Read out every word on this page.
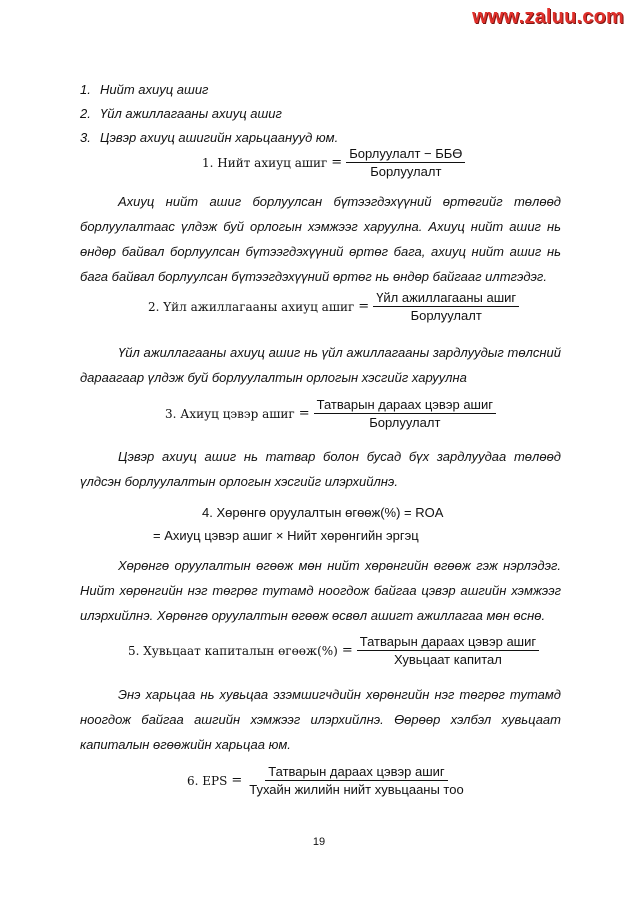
www.zaluu.com
1. Нийт ахиуц ашиг
2. Үйл ажиллагааны ахиуц ашиг
3. Цэвэр ахиуц ашигийн харьцаанууд юм.
1. Нийт ахиуц ашиг = $\frac{\text{Борлуулалт − ББӨ}}{\text{Борлуулалт}}$

Ахиуц нийт ашиг борлуулсан бүтээгдэхүүний өртөгийг төлөөд борлуулалтаас үлдэж буй орлогын хэмжээг харуулна. Ахиуц нийт ашиг нь өндөр байвал борлуулсан бүтээгдэхүүний өртөг бага, ахиуц нийт ашиг нь бага байвал борлуулсан бүтээгдэхүүний өртөг нь өндөр байгааг илтгэдэг.

2. Үйл ажиллагааны ахиуц ашиг = $\frac{\text{Үйл ажиллагааны ашиг}}{\text{Борлуулалт}}$

Үйл ажиллагааны ахиуц ашиг нь үйл ажиллагааны зардлуудыг төлсний дараагаар үлдэж буй борлуулалтын орлогын хэсгийг харуулна

3. Ахиуц цэвэр ашиг = $\frac{\text{Татварын дараах цэвэр ашиг}}{\text{Борлуулалт}}$

Цэвэр ахиуц ашиг нь татвар болон бусад бүх зардлуудаа төлөөд үлдсэн борлуулалтын орлогын хэсгийг илэрхийлнэ.

4. Хөрөнгө оруулалтын өгөөж(%) = ROA
= Ахиуц цэвэр ашиг × Нийт хөрөнгийн эргэц

Хөрөнгө оруулалтын өгөөж мөн нийт хөрөнгийн өгөөж гэж нэрлэдэг. Нийт хөрөнгийн нэг төгрөг тутамд ноогдож байгаа цэвэр ашгийн хэмжээг илэрхийлнэ. Хөрөнгө оруулалтын өгөөж өсвөл ашигт ажиллагаа мөн өснө.

5. Хувьцаат капиталын өгөөж(%) = $\frac{\text{Татварын дараах цэвэр ашиг}}{\text{Хувьцаат капитал}}$

Энэ харьцаа нь хувьцаа эзэмшигчдийн хөрөнгийн нэг төгрөг тутамд ноогдож байгаа ашгийн хэмжээг илэрхийлнэ. Өөрөөр хэлбэл хувьцаат капиталын өгөөжийн харьцаа юм.

6. EPS = $\frac{\text{Татварын дараах цэвэр ашиг}}{\text{Тухайн жилийн нийт хувьцааны тоо}}$
19
